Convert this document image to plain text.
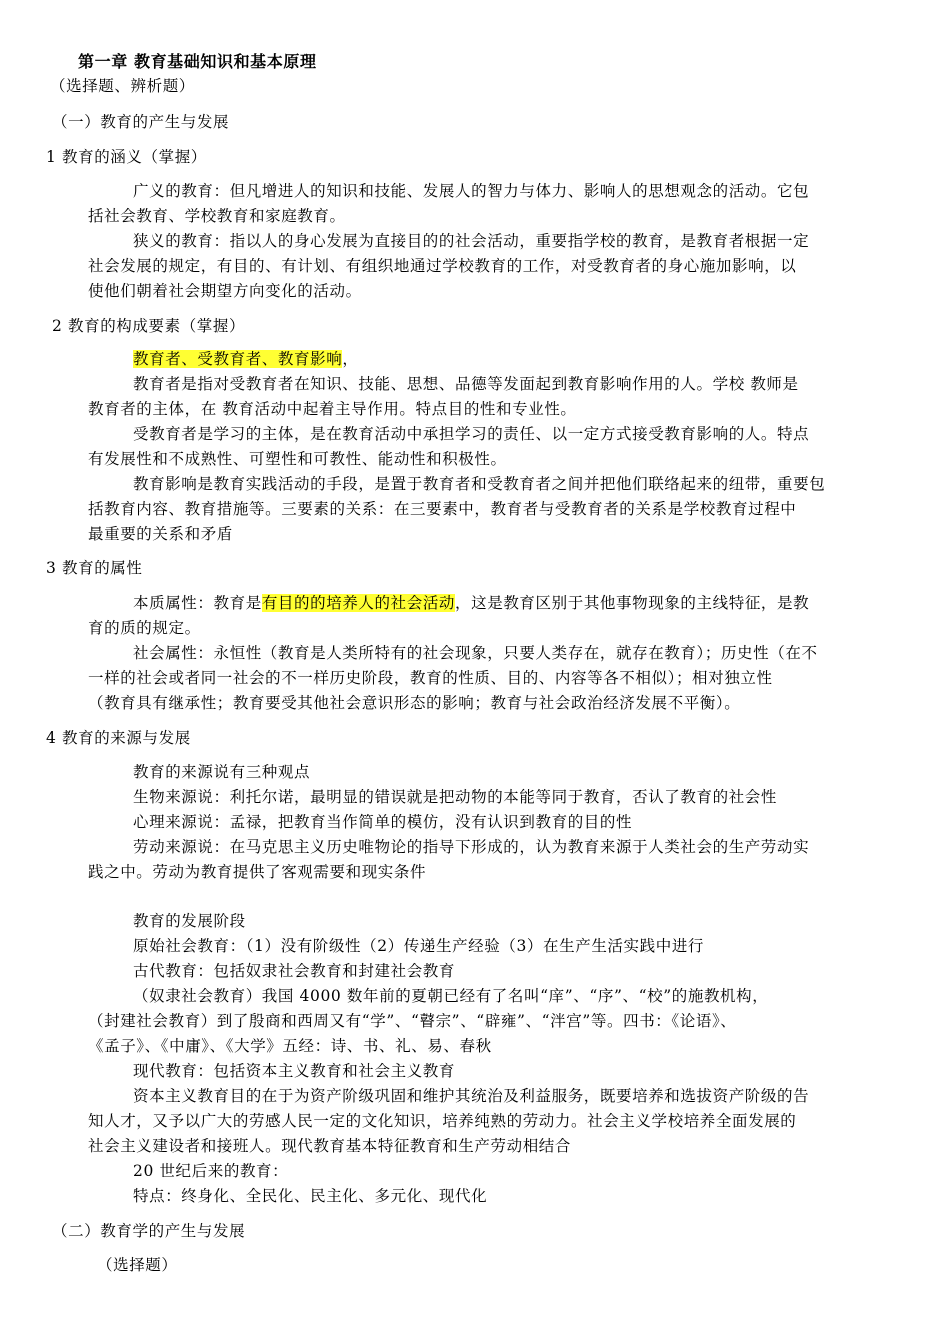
第一章 教育基础知识和基本原理
（选择题、辨析题）
（一）教育的产生与发展
1 教育的涵义（掌握）
广义的教育：但凡增进人的知识和技能、发展人的智力与体力、影响人的思想观念的活动。它包
括社会教育、学校教育和家庭教育。
狭义的教育：指以人的身心发展为直接目的的社会活动，重要指学校的教育，是教育者根据一定
社会发展的规定，有目的、有计划、有组织地通过学校教育的工作，对受教育者的身心施加影响，以
使他们朝着社会期望方向变化的活动。
2 教育的构成要素（掌握）
教育者、受教育者、教育影响，
教育者是指对受教育者在知识、技能、思想、品德等发面起到教育影响作用的人。学校 教师是
教育者的主体，在 教育活动中起着主导作用。特点目的性和专业性。
受教育者是学习的主体，是在教育活动中承担学习的责任、以一定方式接受教育影响的人。特点
有发展性和不成熟性、可塑性和可教性、能动性和积极性。
教育影响是教育实践活动的手段，是置于教育者和受教育者之间并把他们联络起来的纽带，重要包
括教育内容、教育措施等。三要素的关系：在三要素中，教育者与受教育者的关系是学校教育过程中
最重要的关系和矛盾
3 教育的属性
本质属性：教育是有目的的培养人的社会活动，这是教育区别于其他事物现象的主线特征，是教
育的质的规定。
社会属性：永恒性（教育是人类所特有的社会现象，只要人类存在，就存在教育）；历史性（在不
一样的社会或者同一社会的不一样历史阶段，教育的性质、目的、内容等各不相似）；相对独立性
（教育具有继承性；教育要受其他社会意识形态的影响；教育与社会政治经济发展不平衡）。
4 教育的来源与发展
教育的来源说有三种观点
生物来源说：利托尔诺，最明显的错误就是把动物的本能等同于教育，否认了教育的社会性
心理来源说：孟禄，把教育当作简单的模仿，没有认识到教育的目的性
劳动来源说：在马克思主义历史唯物论的指导下形成的，认为教育来源于人类社会的生产劳动实
践之中。劳动为教育提供了客观需要和现实条件
教育的发展阶段
原始社会教育：（1）没有阶级性（2）传递生产经验（3）在生产生活实践中进行
古代教育：包括奴隶社会教育和封建社会教育
（奴隶社会教育）我国 4000 数年前的夏朝已经有了名叫“庠”、“序”、“校”的施教机构，
（封建社会教育）到了殷商和西周又有“学”、“瞽宗”、“辟雍”、“泮宫”等。四书：《论语》、
《孟子》、《中庸》、《大学》五经：诗、书、礼、易、春秋
现代教育：包括资本主义教育和社会主义教育
资本主义教育目的在于为资产阶级巩固和维护其统治及利益服务，既要培养和选拔资产阶级的告
知人才，又予以广大的劳感人民一定的文化知识，培养纯熟的劳动力。社会主义学校培养全面发展的
社会主义建设者和接班人。现代教育基本特征教育和生产劳动相结合
20 世纪后来的教育：
特点：终身化、全民化、民主化、多元化、现代化
（二）教育学的产生与发展
（选择题）
